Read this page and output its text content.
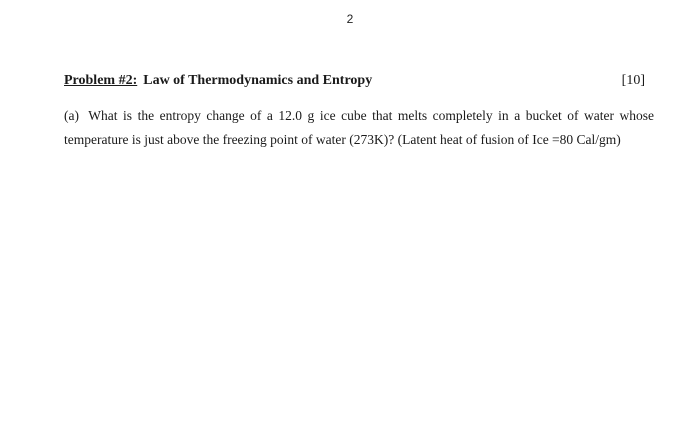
2
Problem #2: Law of Thermodynamics and Entropy	[10]
(a) What is the entropy change of a 12.0 g ice cube that melts completely in a bucket of water whose temperature is just above the freezing point of water (273K)? (Latent heat of fusion of Ice =80 Cal/gm)
